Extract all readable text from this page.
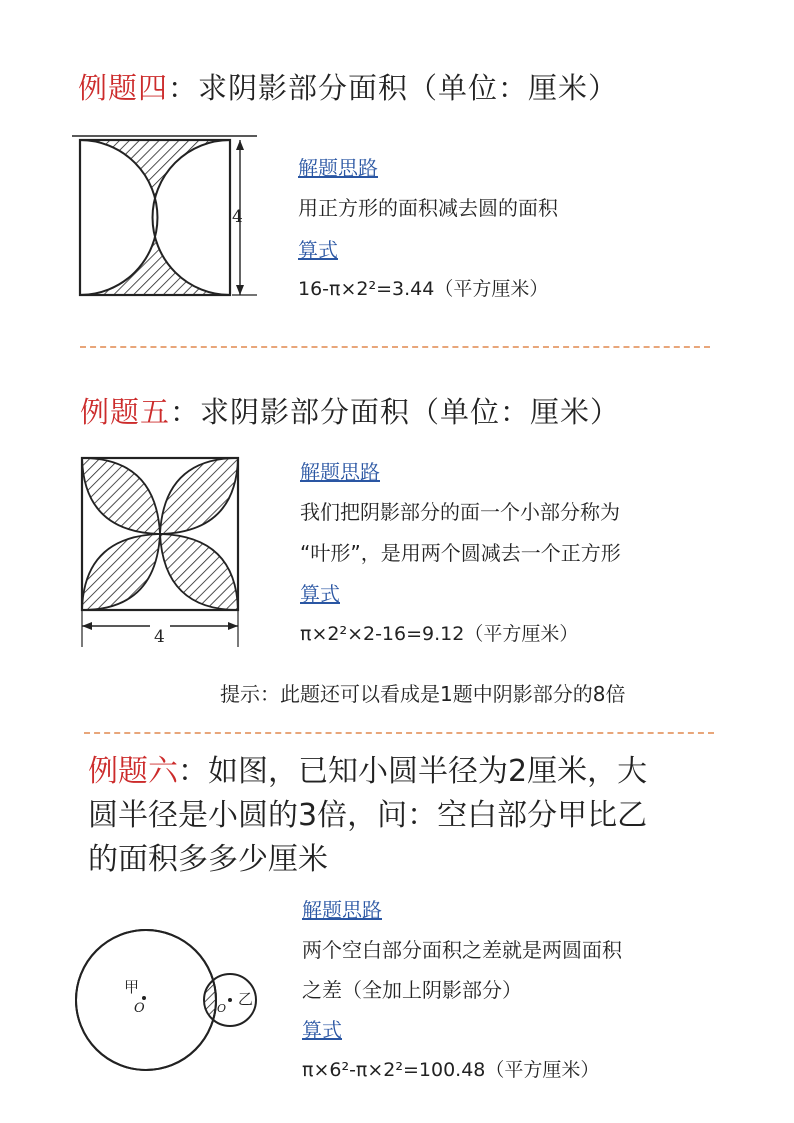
例题四：求阴影部分面积（单位：厘米）
4
解题思路
用正方形的面积减去圆的面积
算式
16-π×2²=3.44（平方厘米）
例题五：求阴影部分面积（单位：厘米）
4
解题思路
我们把阴影部分的面一个小部分称为
“叶形”，是用两个圆减去一个正方形
算式
π×2²×2-16=9.12（平方厘米）
提示：此题还可以看成是1题中阴影部分的8倍
例题六：如图，已知小圆半径为2厘米，大
圆半径是小圆的3倍，问：空白部分甲比乙
的面积多多少厘米
甲
O
乙
O
解题思路
两个空白部分面积之差就是两圆面积
之差（全加上阴影部分）
算式
π×6²-π×2²=100.48（平方厘米）
